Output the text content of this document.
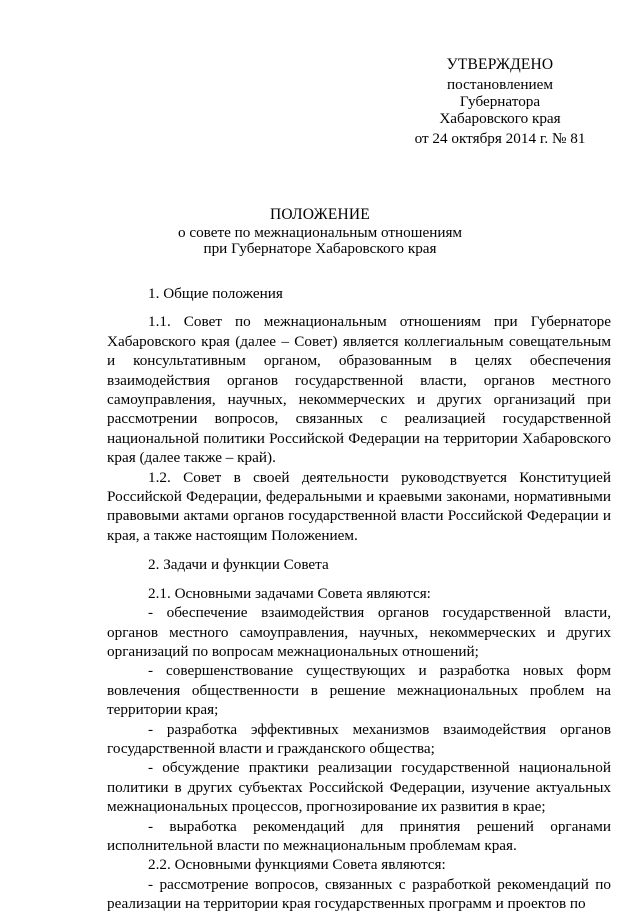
УТВЕРЖДЕНО
постановлением
Губернатора
Хабаровского края
от 24 октября 2014 г. № 81
ПОЛОЖЕНИЕ
о совете по межнациональным отношениям
при Губернаторе Хабаровского края
1. Общие положения

1.1. Совет по межнациональным отношениям при Губернаторе Хабаровского края (далее – Совет) является коллегиальным совещательным и консультативным органом, образованным в целях обеспечения взаимодействия органов государственной власти, органов местного самоуправления, научных, некоммерческих и других организаций при рассмотрении вопросов, связанных с реализацией государственной национальной политики Российской Федерации на территории Хабаровского края (далее также – край).

1.2. Совет в своей деятельности руководствуется Конституцией Российской Федерации, федеральными и краевыми законами, нормативными правовыми актами органов государственной власти Российской Федерации и края, а также настоящим Положением.

2. Задачи и функции Совета

2.1. Основными задачами Совета являются:

- обеспечение взаимодействия органов государственной власти, органов местного самоуправления, научных, некоммерческих и других организаций по вопросам межнациональных отношений;

- совершенствование существующих и разработка новых форм вовлечения общественности в решение межнациональных проблем на территории края;

- разработка эффективных механизмов взаимодействия органов государственной власти и гражданского общества;

- обсуждение практики реализации государственной национальной политики в других субъектах Российской Федерации, изучение актуальных межнациональных процессов, прогнозирование их развития в крае;

- выработка рекомендаций для принятия решений органами исполнительной власти по межнациональным проблемам края.

2.2. Основными функциями Совета являются:

- рассмотрение вопросов, связанных с разработкой рекомендаций по реализации на территории края государственных программ и проектов по
